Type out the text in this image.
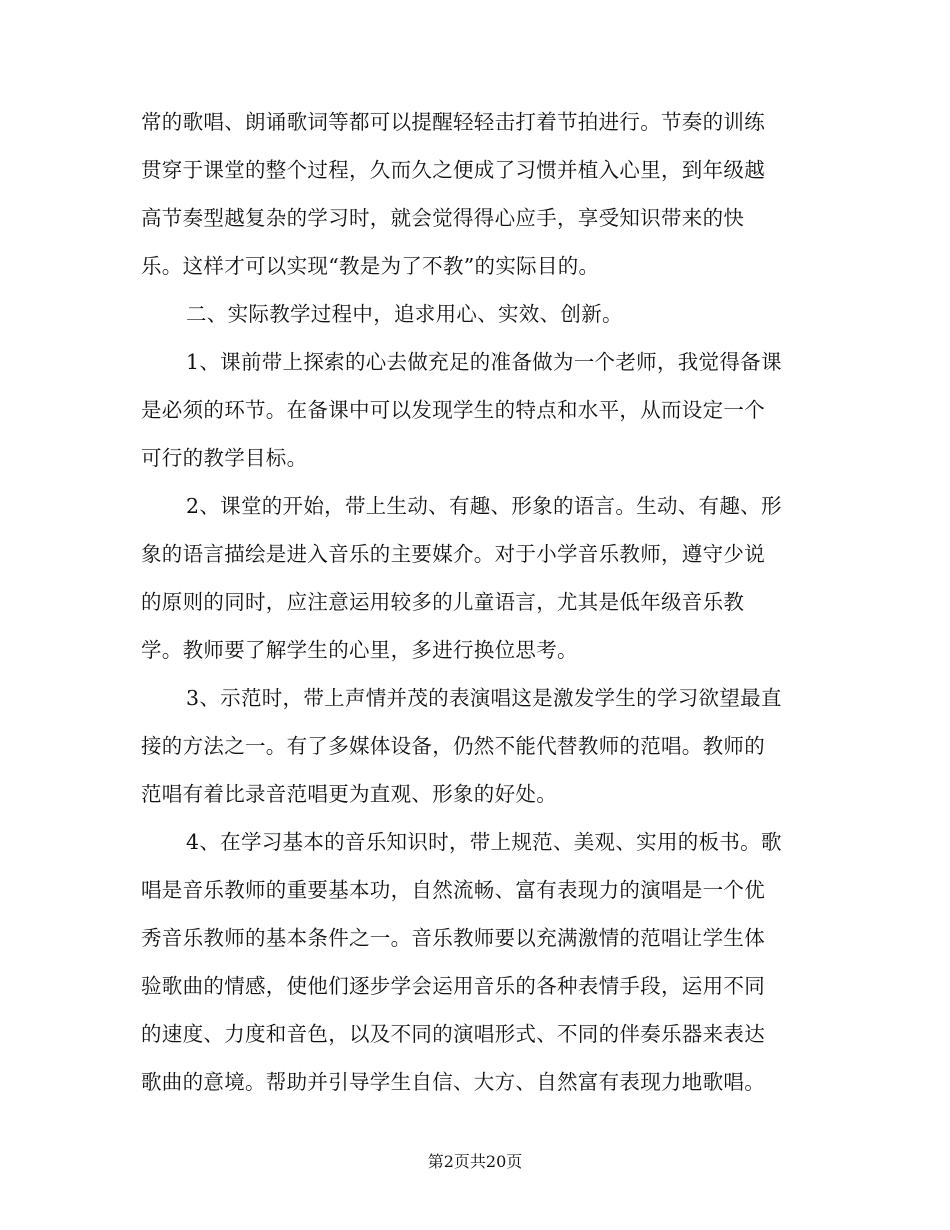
常的歌唱、朗诵歌词等都可以提醒轻轻击打着节拍进行。节奏的训练
贯穿于课堂的整个过程，久而久之便成了习惯并植入心里，到年级越
高节奏型越复杂的学习时，就会觉得得心应手，享受知识带来的快
乐。这样才可以实现“教是为了不教”的实际目的。
二、实际教学过程中，追求用心、实效、创新。
1、课前带上探索的心去做充足的准备做为一个老师，我觉得备课
是必须的环节。在备课中可以发现学生的特点和水平，从而设定一个
可行的教学目标。
2、课堂的开始，带上生动、有趣、形象的语言。生动、有趣、形
象的语言描绘是进入音乐的主要媒介。对于小学音乐教师，遵守少说
的原则的同时，应注意运用较多的儿童语言，尤其是低年级音乐教
学。教师要了解学生的心里，多进行换位思考。
3、示范时，带上声情并茂的表演唱这是激发学生的学习欲望最直
接的方法之一。有了多媒体设备，仍然不能代替教师的范唱。教师的
范唱有着比录音范唱更为直观、形象的好处。
4、在学习基本的音乐知识时，带上规范、美观、实用的板书。歌
唱是音乐教师的重要基本功，自然流畅、富有表现力的演唱是一个优
秀音乐教师的基本条件之一。音乐教师要以充满激情的范唱让学生体
验歌曲的情感，使他们逐步学会运用音乐的各种表情手段，运用不同
的速度、力度和音色，以及不同的演唱形式、不同的伴奏乐器来表达
歌曲的意境。帮助并引导学生自信、大方、自然富有表现力地歌唱。
第2页共20页
